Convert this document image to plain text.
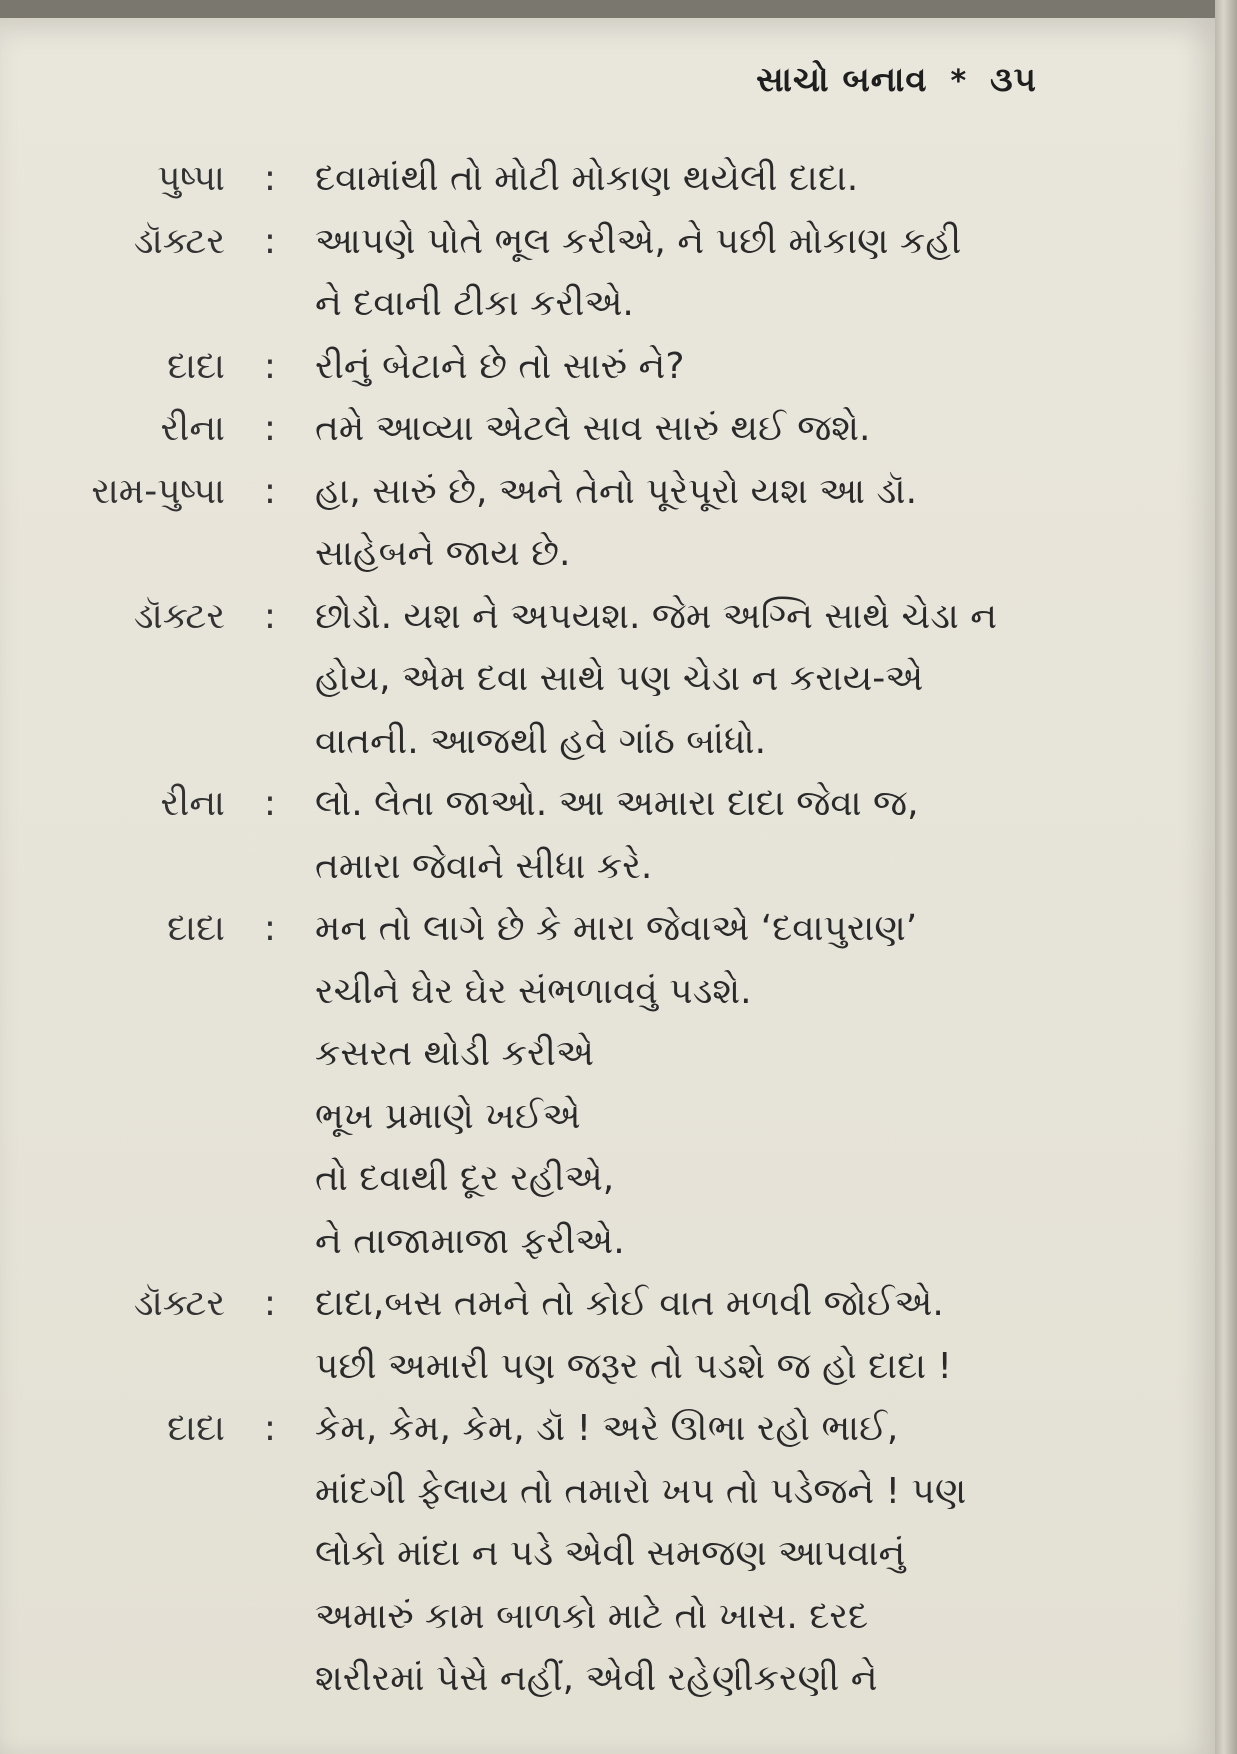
સાચો બનાવ * ૩૫
પુષ્પા	:	દવામાંથી તો મોટી મોકાણ થયેલી દાદા.
ડૉક્ટર	:	આપણે પોતે ભૂલ કરીએ, ને પછી મોકાણ કહી
ને દવાની ટીકા કરીએ.
દાદા	:	રીનું બેટાને છે તો સારું ને?
રીના	:	તમે આવ્યા એટલે સાવ સારું થઈ જશે.
રામ-પુષ્પા	:	હા, સારું છે, અને તેનો પૂરેપૂરો યશ આ ડૉ.
સાહેબને જાય છે.
ડૉક્ટર	:	છોડો. યશ ને અપયશ. જેમ અગ્નિ સાથે ચેડા ન
હોય, એમ દવા સાથે પણ ચેડા ન કરાય-એ
વાતની. આજથી હવે ગાંઠ બાંધો.
રીના	:	લો. લેતા જાઓ. આ અમારા દાદા જેવા જ,
તમારા જેવાને સીધા કરે.
દાદા	:	મન તો લાગે છે કે મારા જેવાએ ‘દવાપુરાણ’
રચીને ઘેર ઘેર સંભળાવવું પડશે.
કસરત થોડી કરીએ
ભૂખ પ્રમાણે ખઈએ
તો દવાથી દૂર રહીએ,
ને તાજામાજા ફરીએ.
ડૉક્ટર	:	દાદા,બસ તમને તો કોઈ વાત મળવી જોઈએ.
પછી અમારી પણ જરૂર તો પડશે જ હો દાદા !
દાદા	:	કેમ, કેમ, કેમ, ડૉ ! અરે ઊભા રહો ભાઈ,
માંદગી ફેલાય તો તમારો ખપ તો પડેજને ! પણ
લોકો માંદા ન પડે એવી સમજણ આપવાનું
અમારું કામ બાળકો માટે તો ખાસ. દરદ
શરીરમાં પેસે નહીં, એવી રહેણીકરણી ને
